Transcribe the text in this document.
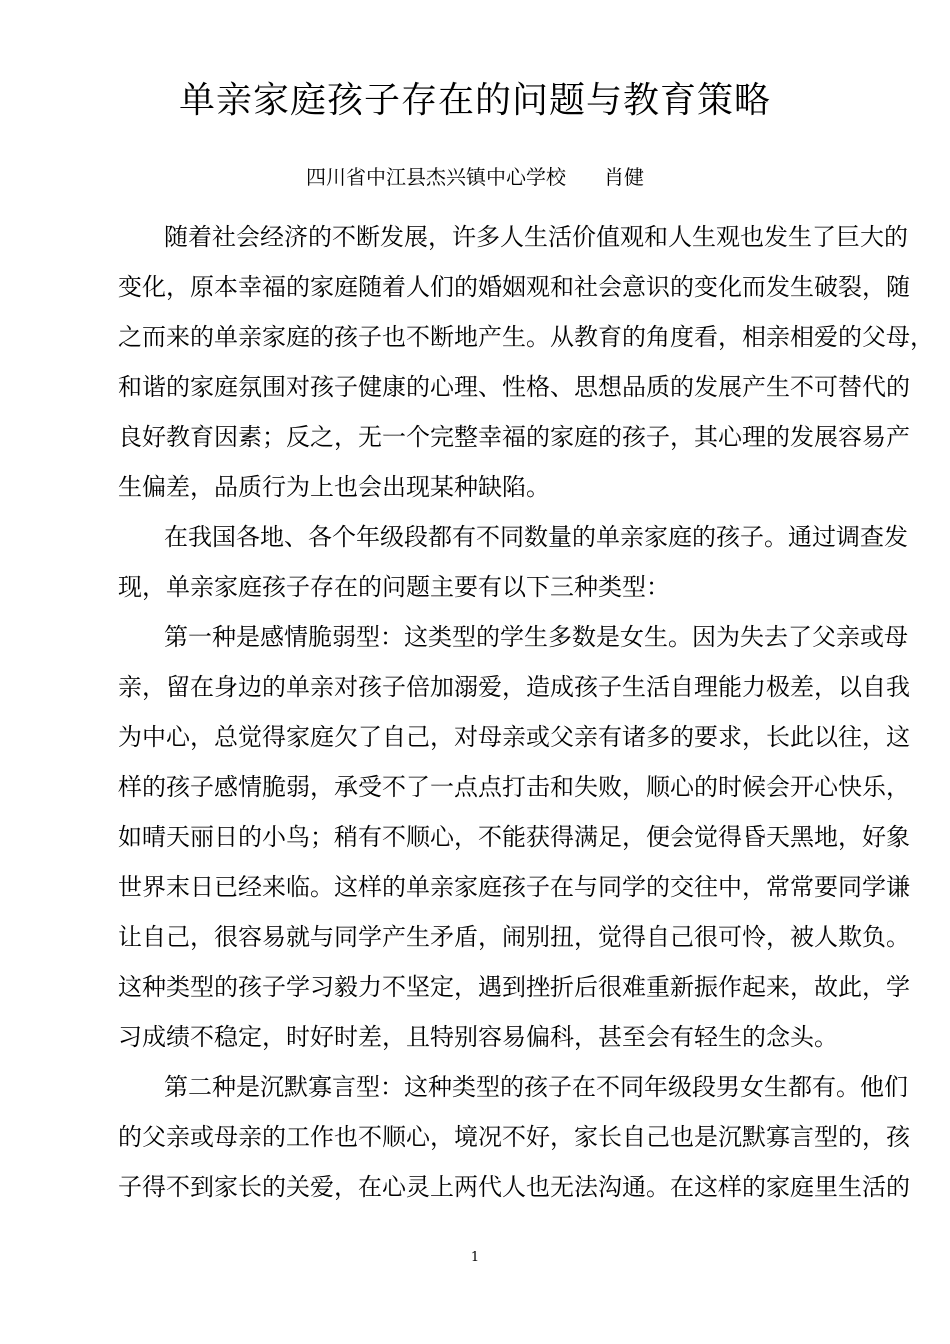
单亲家庭孩子存在的问题与教育策略
四川省中江县杰兴镇中心学校 肖健
随着社会经济的不断发展，许多人生活价值观和人生观也发生了巨大的
变化，原本幸福的家庭随着人们的婚姻观和社会意识的变化而发生破裂，随
之而来的单亲家庭的孩子也不断地产生。从教育的角度看，相亲相爱的父母，
和谐的家庭氛围对孩子健康的心理、性格、思想品质的发展产生不可替代的
良好教育因素；反之，无一个完整幸福的家庭的孩子，其心理的发展容易产
生偏差，品质行为上也会出现某种缺陷。
在我国各地、各个年级段都有不同数量的单亲家庭的孩子。通过调查发
现，单亲家庭孩子存在的问题主要有以下三种类型：
第一种是感情脆弱型：这类型的学生多数是女生。因为失去了父亲或母
亲，留在身边的单亲对孩子倍加溺爱，造成孩子生活自理能力极差，以自我
为中心，总觉得家庭欠了自己，对母亲或父亲有诸多的要求，长此以往，这
样的孩子感情脆弱，承受不了一点点打击和失败，顺心的时候会开心快乐，
如晴天丽日的小鸟；稍有不顺心，不能获得满足，便会觉得昏天黑地，好象
世界末日已经来临。这样的单亲家庭孩子在与同学的交往中，常常要同学谦
让自己，很容易就与同学产生矛盾，闹别扭，觉得自己很可怜，被人欺负。
这种类型的孩子学习毅力不坚定，遇到挫折后很难重新振作起来，故此，学
习成绩不稳定，时好时差，且特别容易偏科，甚至会有轻生的念头。
第二种是沉默寡言型：这种类型的孩子在不同年级段男女生都有。他们
的父亲或母亲的工作也不顺心，境况不好，家长自己也是沉默寡言型的，孩
子得不到家长的关爱，在心灵上两代人也无法沟通。在这样的家庭里生活的
1
